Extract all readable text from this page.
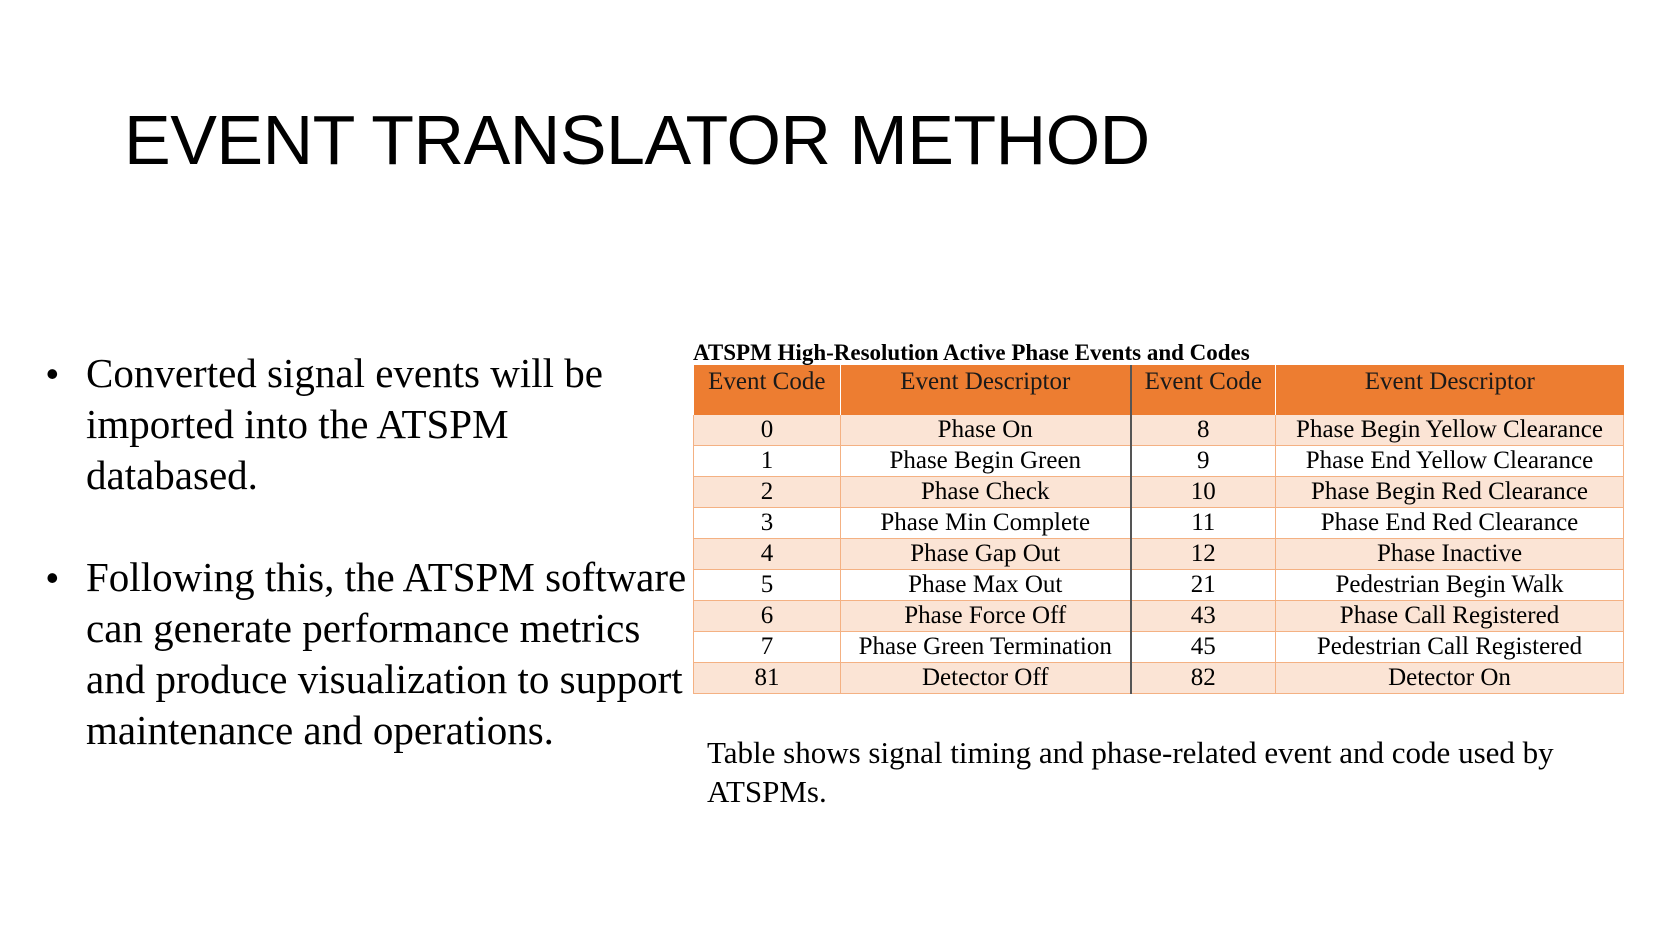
EVENT TRANSLATOR METHOD
• Converted signal events will be imported into the ATSPM databased.
• Following this, the ATSPM software can generate performance metrics and produce visualization to support maintenance and operations.
ATSPM High-Resolution Active Phase Events and Codes
Event Code	Event Descriptor	Event Code	Event Descriptor
0	Phase On	8	Phase Begin Yellow Clearance
1	Phase Begin Green	9	Phase End Yellow Clearance
2	Phase Check	10	Phase Begin Red Clearance
3	Phase Min Complete	11	Phase End Red Clearance
4	Phase Gap Out	12	Phase Inactive
5	Phase Max Out	21	Pedestrian Begin Walk
6	Phase Force Off	43	Phase Call Registered
7	Phase Green Termination	45	Pedestrian Call Registered
81	Detector Off	82	Detector On
Table shows signal timing and phase-related event and code used by ATSPMs.
